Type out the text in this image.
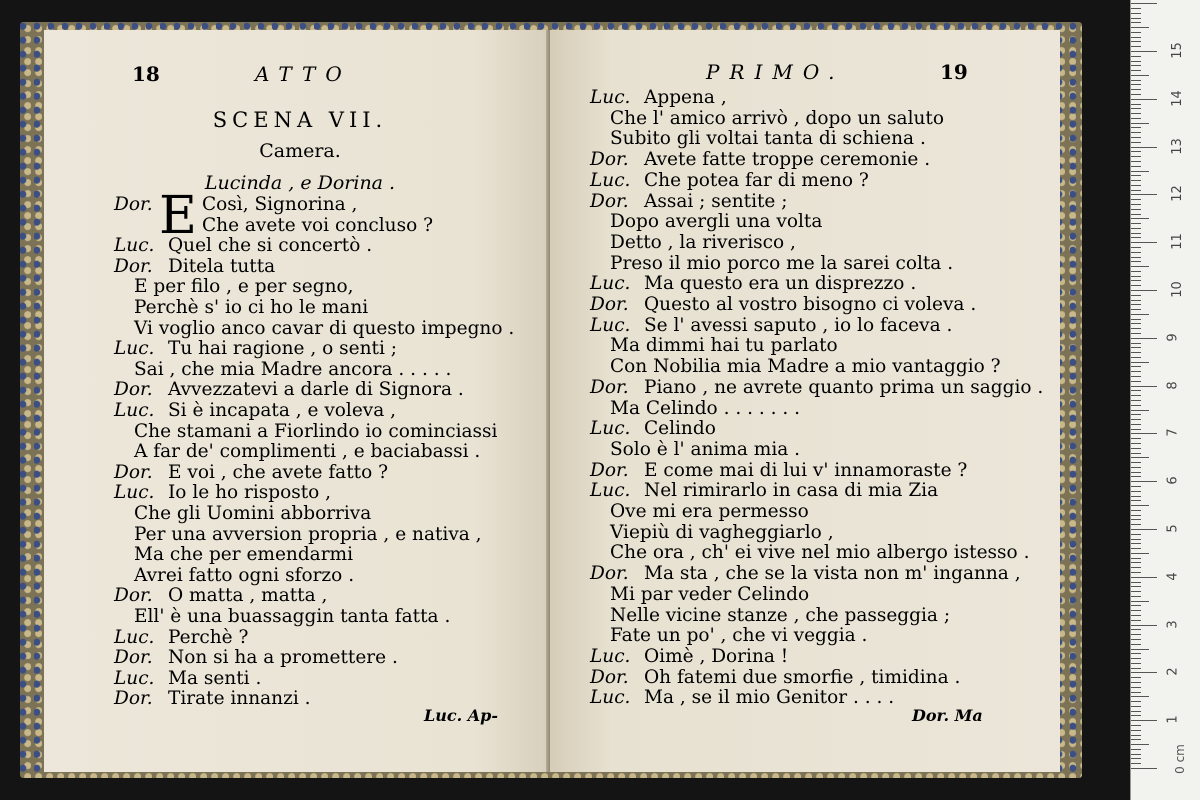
18	ATTO
SCENA VII.
Camera.
Lucinda , e Dorina .
E
Dor.	Così, Signorina ,
Che avete voi concluso ?
Luc. Quel che si concertò .
Dor. Ditela tutta
E per filo , e per segno,
Perchè s' io ci ho le mani
Vi voglio anco cavar di questo impegno .
Luc. Tu hai ragione , o senti ;
Sai , che mia Madre ancora . . . . .
Dor. Avvezzatevi a darle di Signora .
Luc. Si è incapata , e voleva ,
Che stamani a Fiorlindo io cominciassi
A far de' complimenti , e baciabassi .
Dor. E voi , che avete fatto ?
Luc. Io le ho risposto ,
Che gli Uomini abborriva
Per una avversion propria , e nativa ,
Ma che per emendarmi
Avrei fatto ogni sforzo .
Dor. O matta , matta ,
Ell' è una buassaggin tanta fatta .
Luc. Perchè ?
Dor. Non si ha a promettere .
Luc. Ma senti .
Dor. Tirate innanzi .
Luc. Ap-
PRIMO.	19
Luc. Appena ,
Che l' amico arrivò , dopo un saluto
Subito gli voltai tanta di schiena .
Dor. Avete fatte troppe ceremonie .
Luc. Che potea far di meno ?
Dor. Assai ; sentite ;
Dopo avergli una volta
Detto , la riverisco ,
Preso il mio porco me la sarei colta .
Luc. Ma questo era un disprezzo .
Dor. Questo al vostro bisogno ci voleva .
Luc. Se l' avessi saputo , io lo faceva .
Ma dimmi hai tu parlato
Con Nobilia mia Madre a mio vantaggio ?
Dor. Piano , ne avrete quanto prima un saggio .
Ma Celindo . . . . . . .
Luc. Celindo
Solo è l' anima mia .
Dor. E come mai di lui v' innamoraste ?
Luc. Nel rimirarlo in casa di mia Zia
Ove mi era permesso
Viepiù di vagheggiarlo ,
Che ora , ch' ei vive nel mio albergo istesso .
Dor. Ma sta , che se la vista non m' inganna ,
Mi par veder Celindo
Nelle vicine stanze , che passeggia ;
Fate un po' , che vi veggia .
Luc. Oimè , Dorina !
Dor. Oh fatemi due smorfie , timidina .
Luc. Ma , se il mio Genitor . . . .
Dor. Ma
0 cm
1
2
3
4
5
6
7
8
9
10
11
12
13
14
15
